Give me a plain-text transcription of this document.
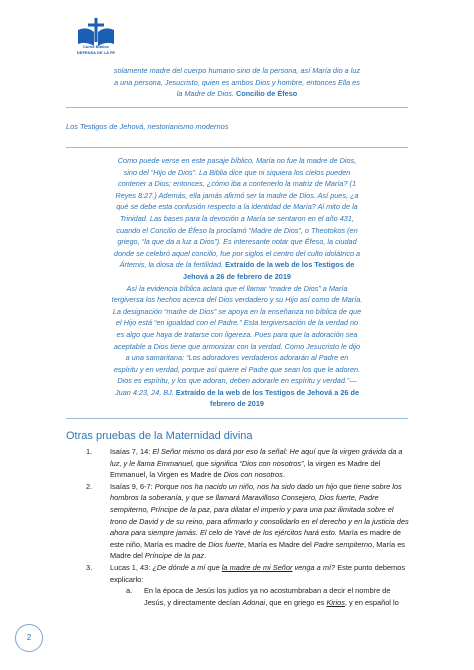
Curso Bíblico
DEFENSA DE LA FE
solamente madre del cuerpo humano sino de la persona, así María dio a luz
a una persona, Jesucristo, quien es ambos Dios y hombre, entonces Ella es
la Madre de Dios. Concilio de Éfeso
Los Testigos de Jehová, nestorianismo modernos
Como puede verse en este pasaje bíblico, María no fue la madre de Dios,
sino del “Hijo de Dios”. La Biblia dice que ni siquiera los cielos pueden
contener a Dios; entonces, ¿cómo iba a contenerlo la matriz de María? (1
Reyes 8:27.) Además, ella jamás afirmó ser la madre de Dios. Así pues, ¿a
qué se debe esta confusión respecto a la identidad de María? Al mito de la
Trinidad. Las bases para la devoción a María se sentaron en el año 431,
cuando el Concilio de Éfeso la proclamó “Madre de Dios”, o Theotokos (en
griego, “la que da a luz a Dios”). Es interesante notar que Éfeso, la ciudad
donde se celebró aquel concilio, fue por siglos el centro del culto idolátrico a
Ártemis, la diosa de la fertilidad. Extraído de la web de los Testigos de
Jehová a 26 de febrero de 2019
Así la evidencia bíblica aclara que el llamar “madre de Dios” a María
tergiversa los hechos acerca del Dios verdadero y su Hijo así como de María.
La designación “madre de Dios” se apoya en la enseñanza no bíblica de que
el Hijo está “en igualdad con el Padre.” Esta tergiversación de la verdad no
es algo que haya de tratarse con ligereza. Pues para que la adoración sea
aceptable a Dios tiene que armonizar con la verdad. Como Jesucristo le dijo
a una samaritana: “Los adoradores verdaderos adorarán al Padre en
espíritu y en verdad, porque así quiere el Padre que sean los que le adoren.
Dios es espíritu, y los que adoran, deben adorarle en espíritu y verdad.”—
Juan 4:23, 24, BJ. Extraído de la web de los Testigos de Jehová a 26 de
febrero de 2019
Otras pruebas de la Maternidad divina
1. Isaías 7, 14: El Señor mismo os dará por eso la señal: He aquí que la virgen grávida da a luz, y le llama Emmanuel, que significa “Dios con nosotros”, la virgen es Madre del Emmanuel, la Virgen es Madre de Dios con nosotros.
2. Isaías 9, 6-7: Porque nos ha nacido un niño, nos ha sido dado un hijo que tiene sobre los hombros la soberanía, y que se llamará Maravilloso Consejero, Dios fuerte, Padre sempiterno, Príncipe de la paz, para dilatar el imperio y para una paz ilimitada sobre el trono de David y de su reino, para afirmarlo y consolidarlo en el derecho y en la justicia des ahora para siempre jamás. El celo de Yavé de los ejércitos hará esto. María es madre de este niño, María es madre de Dios fuerte, María es Madre del Padre sempiterno, María es Madre del Príncipe de la paz.
3. Lucas 1, 43: ¿De dónde a mí que la madre de mi Señor venga a mí? Este punto debemos explicarlo:
a. En la época de Jesús los judíos ya no acostumbraban a decir el nombre de Jesús, y directamente decían Adonai, que en griego es Kirios, y en español lo
2
